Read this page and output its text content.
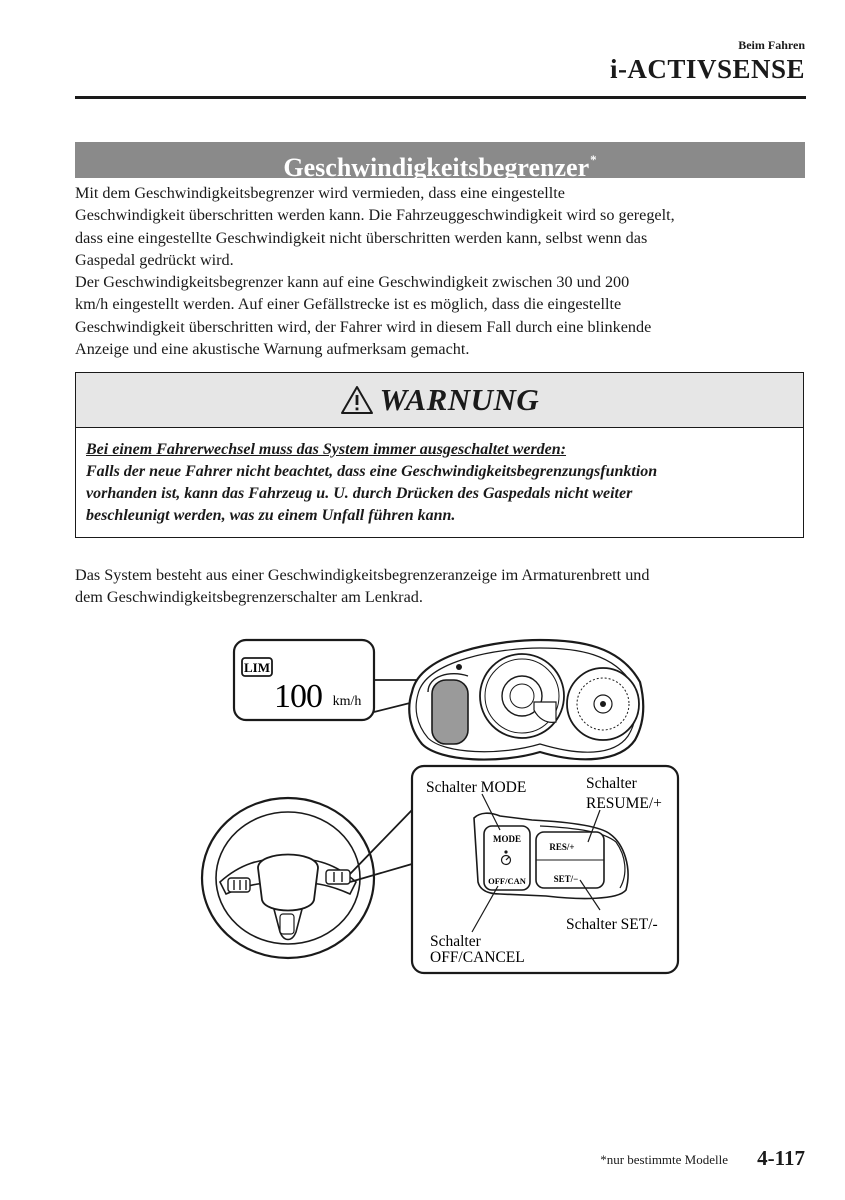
Beim Fahren
i-ACTIVSENSE
Geschwindigkeitsbegrenzer*
Mit dem Geschwindigkeitsbegrenzer wird vermieden, dass eine eingestellte
Geschwindigkeit überschritten werden kann. Die Fahrzeuggeschwindigkeit wird so geregelt,
dass eine eingestellte Geschwindigkeit nicht überschritten werden kann, selbst wenn das
Gaspedal gedrückt wird.
Der Geschwindigkeitsbegrenzer kann auf eine Geschwindigkeit zwischen 30 und 200
km/h eingestellt werden. Auf einer Gefällstrecke ist es möglich, dass die eingestellte
Geschwindigkeit überschritten wird, der Fahrer wird in diesem Fall durch eine blinkende
Anzeige und eine akustische Warnung aufmerksam gemacht.
WARNUNG
Bei einem Fahrerwechsel muss das System immer ausgeschaltet werden:
Falls der neue Fahrer nicht beachtet, dass eine Geschwindigkeitsbegrenzungsfunktion
vorhanden ist, kann das Fahrzeug u. U. durch Drücken des Gaspedals nicht weiter
beschleunigt werden, was zu einem Unfall führen kann.
Das System besteht aus einer Geschwindigkeitsbegrenzeranzeige im Armaturenbrett und
dem Geschwindigkeitsbegrenzerschalter am Lenkrad.
LIM
100 km/h
MODE
OFF/CAN
RES/+
SET/−
Schalter MODE	Schalter
RESUME/+
Schalter SET/-
Schalter
OFF/CANCEL
*nur bestimmte Modelle 4-117
